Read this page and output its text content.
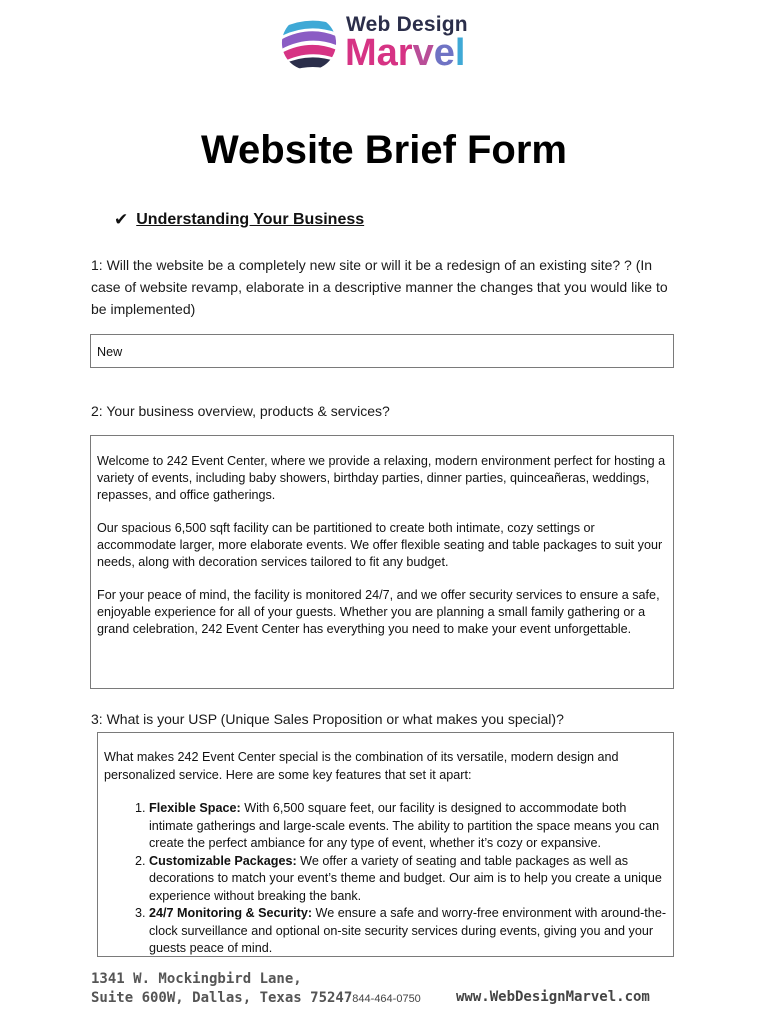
Web Design
Marvel
Website Brief Form
✔ Understanding Your Business
1: Will the website be a completely new site or will it be a redesign of an existing site? ? (In case of website revamp, elaborate in a descriptive manner the changes that you would like to be implemented)
New
2: Your business overview, products & services?

Welcome to 242 Event Center, where we provide a relaxing, modern environment perfect for hosting a variety of events, including baby showers, birthday parties, dinner parties, quinceañeras, weddings, repasses, and office gatherings.

Our spacious 6,500 sqft facility can be partitioned to create both intimate, cozy settings or accommodate larger, more elaborate events. We offer flexible seating and table packages to suit your needs, along with decoration services tailored to fit any budget.

For your peace of mind, the facility is monitored 24/7, and we offer security services to ensure a safe, enjoyable experience for all of your guests. Whether you are planning a small family gathering or a grand celebration, 242 Event Center has everything you need to make your event unforgettable.

3: What is your USP (Unique Sales Proposition or what makes you special)?

What makes 242 Event Center special is the combination of its versatile, modern design and personalized service. Here are some key features that set it apart:

1. Flexible Space: With 6,500 square feet, our facility is designed to accommodate both intimate gatherings and large-scale events. The ability to partition the space means you can create the perfect ambiance for any type of event, whether it’s cozy or expansive.
2. Customizable Packages: We offer a variety of seating and table packages as well as decorations to match your event’s theme and budget. Our aim is to help you create a unique experience without breaking the bank.
3. 24/7 Monitoring & Security: We ensure a safe and worry-free environment with around-the-clock surveillance and optional on-site security services during events, giving you and your guests peace of mind.
1341 W. Mockingbird Lane,
Suite 600W, Dallas, Texas 75247844-464-0750	www.WebDesignMarvel.com
